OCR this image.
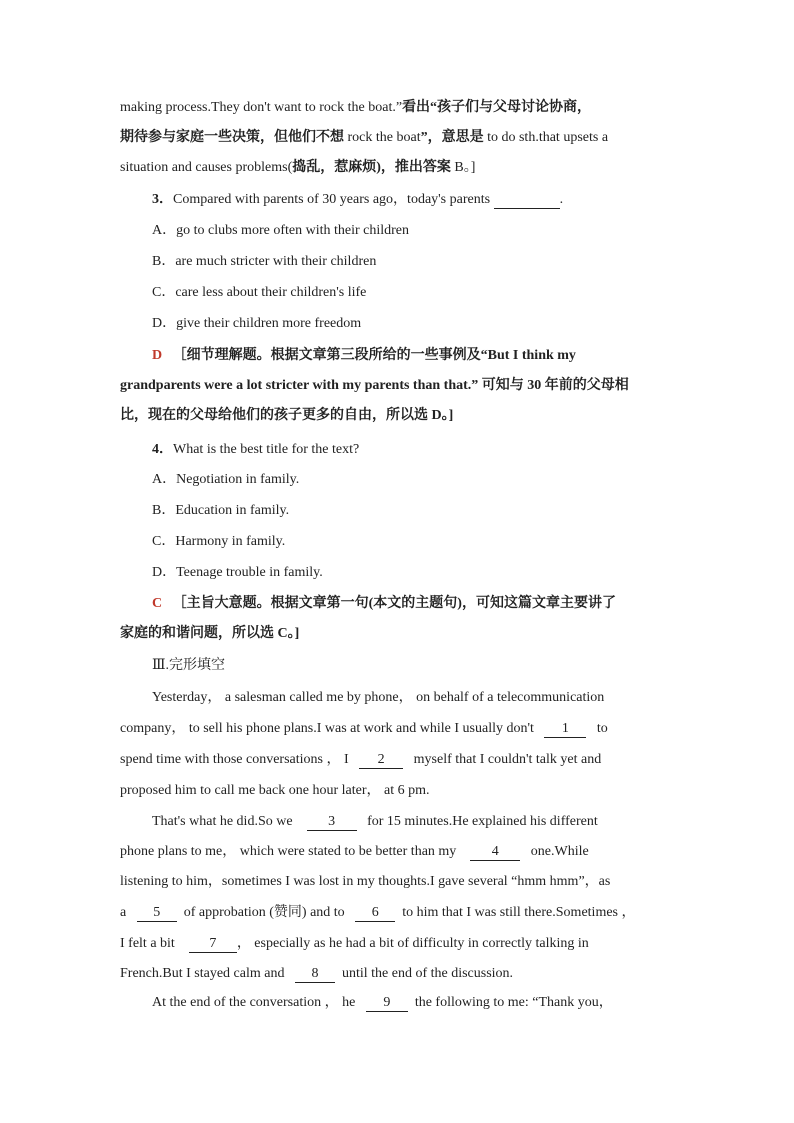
making process.They don't want to rock the boat.”看出“孩子们与父母讨论协商，
期待参与家庭一些决策，但他们不想 rock the boat”，意思是 to do sth.that upsets a
situation and causes problems(捣乱，惹麻烦)，推出答案 B。]
3．Compared with parents of 30 years ago，today's parents	.
A．go to clubs more often with their children
B．are much stricter with their children
C．care less about their children's life
D．give their children more freedom
D ［细节理解题。根据文章第三段所给的一些事例及“But I think my
grandparents were a lot stricter with my parents than that.” 可知与 30 年前的父母相
比，现在的父母给他们的孩子更多的自由，所以选 D。]
4．What is the best title for the text?
A．Negotiation in family.
B．Education in family.
C．Harmony in family.
D．Teenage trouble in family.
C ［主旨大意题。根据文章第一句(本文的主题句)，可知这篇文章主要讲了
家庭的和谐问题，所以选 C。]
Ⅲ.完形填空
Yesterday， a salesman called me by phone， on behalf of a telecommunication
company， to sell his phone plans.I was at work and while I usually don't 1 to
spend time with those conversations ， I 2 myself that I couldn't talk yet and
proposed him to call me back one hour later， at 6 pm.
That's what he did.So we	3 for 15 minutes.He explained his different
phone plans to me， which were stated to be better than my	4 one.While
listening to him，sometimes I was lost in my thoughts.I gave several “hmm hmm”，as
a 5 of approbation (赞同) and to 6 to him that I was still there.Sometimes ，
I felt a bit 7 ， especially as he had a bit of difficulty in correctly talking in
French.But I stayed calm and 8 until the end of the discussion.
At the end of the conversation ， he 9 the following to me: “Thank you，
